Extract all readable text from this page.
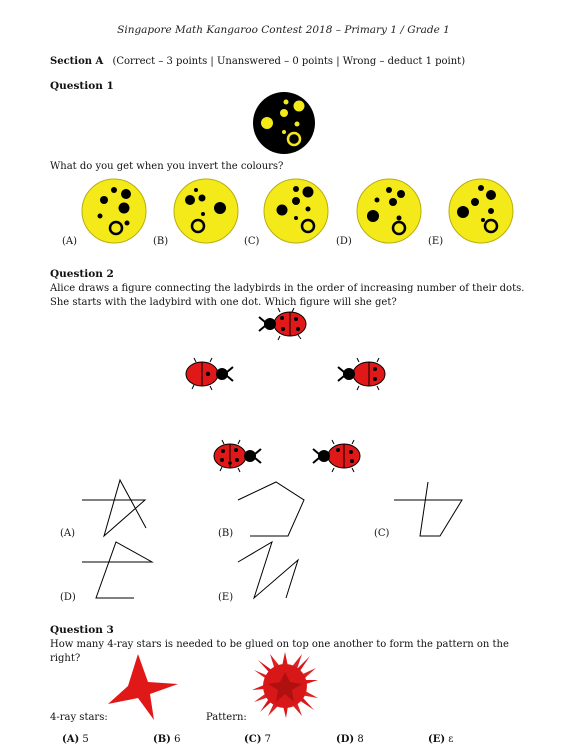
Singapore Math Kangaroo Contest 2018 – Primary 1 / Grade 1
Section A (Correct – 3 points | Unanswered – 0 points | Wrong – deduct 1 point)
Question 1
What do you get when you invert the colours?
(A)	(B)	(C)	(D)	(E)
Question 2
Alice draws a figure connecting the ladybirds in the order of increasing number of their dots. She starts with the ladybird with one dot. Which figure will she get?
(A)	(B)	(C)
(D)	(E)
Question 3
How many 4-ray stars is needed to be glued on top one another to form the pattern on the right?
4-ray stars:	Pattern:
(A) 5	(B) 6	(C) 7	(D) 8	(E) ε
